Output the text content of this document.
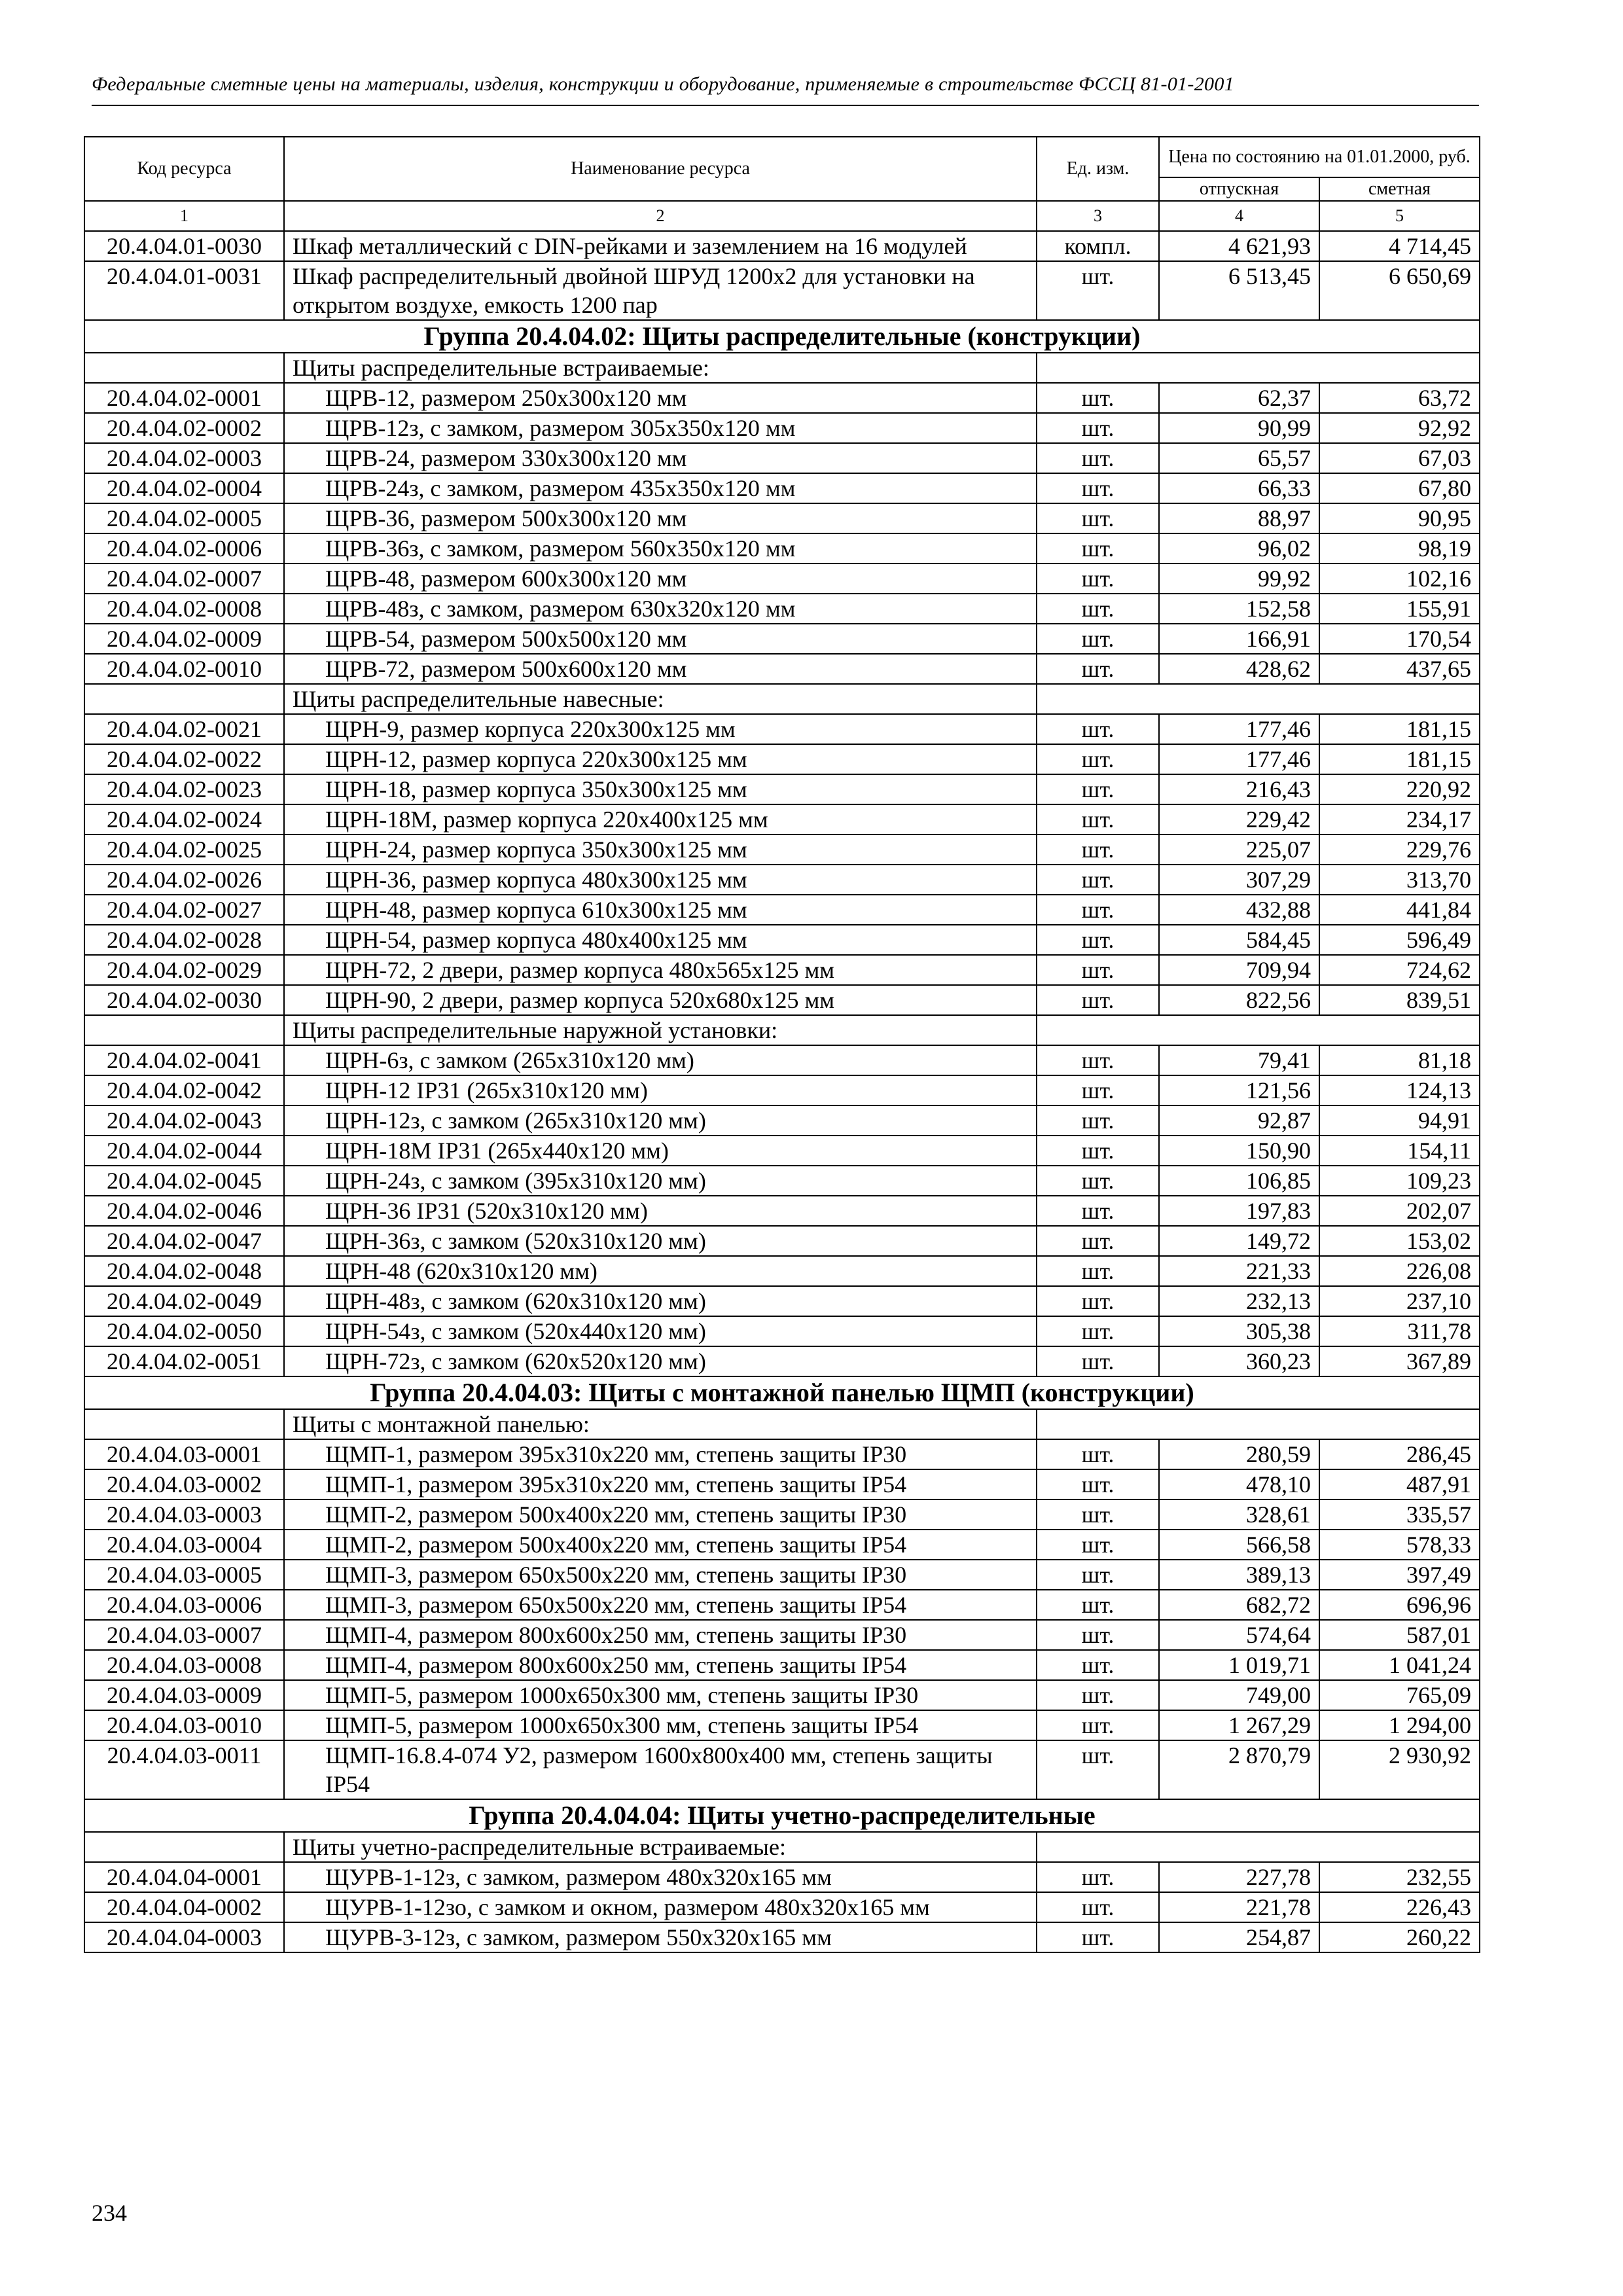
Федеральные сметные цены на материалы, изделия, конструкции и оборудование, применяемые в строительстве ФССЦ 81-01-2001
Код ресурса	Наименование ресурса	Ед. изм.	Цена по состоянию на 01.01.2000, руб.	
			отпускная	сметная
1	2	3	4	5
20.4.04.01-0030	Шкаф металлический с DIN-рейками и заземлением на 16 модулей	компл.	4 621,93	4 714,45
20.4.04.01-0031	Шкаф распределительный двойной ШРУД 1200х2 для установки на открытом воздухе, емкость 1200 пар	шт.	6 513,45	6 650,69
Группа 20.4.04.02: Щиты распределительные (конструкции)				
	Щиты распределительные встраиваемые:			
20.4.04.02-0001	ЩРВ-12, размером 250х300х120 мм	шт.	62,37	63,72
20.4.04.02-0002	ЩРВ-12з, с замком, размером 305х350х120 мм	шт.	90,99	92,92
20.4.04.02-0003	ЩРВ-24, размером 330х300х120 мм	шт.	65,57	67,03
20.4.04.02-0004	ЩРВ-24з, с замком, размером 435х350х120 мм	шт.	66,33	67,80
20.4.04.02-0005	ЩРВ-36, размером 500х300х120 мм	шт.	88,97	90,95
20.4.04.02-0006	ЩРВ-36з, с замком, размером 560х350х120 мм	шт.	96,02	98,19
20.4.04.02-0007	ЩРВ-48, размером 600х300х120 мм	шт.	99,92	102,16
20.4.04.02-0008	ЩРВ-48з, с замком, размером 630х320х120 мм	шт.	152,58	155,91
20.4.04.02-0009	ЩРВ-54, размером 500х500х120 мм	шт.	166,91	170,54
20.4.04.02-0010	ЩРВ-72, размером 500х600х120 мм	шт.	428,62	437,65
	Щиты распределительные навесные:			
20.4.04.02-0021	ЩРН-9, размер корпуса 220х300х125 мм	шт.	177,46	181,15
20.4.04.02-0022	ЩРН-12, размер корпуса 220х300х125 мм	шт.	177,46	181,15
20.4.04.02-0023	ЩРН-18, размер корпуса 350х300х125 мм	шт.	216,43	220,92
20.4.04.02-0024	ЩРН-18М, размер корпуса 220х400х125 мм	шт.	229,42	234,17
20.4.04.02-0025	ЩРН-24, размер корпуса 350х300х125 мм	шт.	225,07	229,76
20.4.04.02-0026	ЩРН-36, размер корпуса 480х300х125 мм	шт.	307,29	313,70
20.4.04.02-0027	ЩРН-48, размер корпуса 610х300х125 мм	шт.	432,88	441,84
20.4.04.02-0028	ЩРН-54, размер корпуса 480х400х125 мм	шт.	584,45	596,49
20.4.04.02-0029	ЩРН-72, 2 двери, размер корпуса 480х565х125 мм	шт.	709,94	724,62
20.4.04.02-0030	ЩРН-90, 2 двери, размер корпуса 520х680х125 мм	шт.	822,56	839,51
	Щиты распределительные наружной установки:			
20.4.04.02-0041	ЩРН-6з, с замком (265х310х120 мм)	шт.	79,41	81,18
20.4.04.02-0042	ЩРН-12 IP31 (265х310х120 мм)	шт.	121,56	124,13
20.4.04.02-0043	ЩРН-12з, с замком (265х310х120 мм)	шт.	92,87	94,91
20.4.04.02-0044	ЩРН-18М IP31 (265х440х120 мм)	шт.	150,90	154,11
20.4.04.02-0045	ЩРН-24з, с замком (395х310х120 мм)	шт.	106,85	109,23
20.4.04.02-0046	ЩРН-36 IP31 (520х310х120 мм)	шт.	197,83	202,07
20.4.04.02-0047	ЩРН-36з, с замком (520х310х120 мм)	шт.	149,72	153,02
20.4.04.02-0048	ЩРН-48 (620х310х120 мм)	шт.	221,33	226,08
20.4.04.02-0049	ЩРН-48з, с замком (620х310х120 мм)	шт.	232,13	237,10
20.4.04.02-0050	ЩРН-54з, с замком (520х440х120 мм)	шт.	305,38	311,78
20.4.04.02-0051	ЩРН-72з, с замком (620х520х120 мм)	шт.	360,23	367,89
Группа 20.4.04.03: Щиты с монтажной панелью ЩМП (конструкции)				
	Щиты с монтажной панелью:			
20.4.04.03-0001	ЩМП-1, размером 395х310х220 мм, степень защиты IP30	шт.	280,59	286,45
20.4.04.03-0002	ЩМП-1, размером 395х310х220 мм, степень защиты IP54	шт.	478,10	487,91
20.4.04.03-0003	ЩМП-2, размером 500х400х220 мм, степень защиты IP30	шт.	328,61	335,57
20.4.04.03-0004	ЩМП-2, размером 500х400х220 мм, степень защиты IP54	шт.	566,58	578,33
20.4.04.03-0005	ЩМП-3, размером 650х500х220 мм, степень защиты IP30	шт.	389,13	397,49
20.4.04.03-0006	ЩМП-3, размером 650х500х220 мм, степень защиты IP54	шт.	682,72	696,96
20.4.04.03-0007	ЩМП-4, размером 800х600х250 мм, степень защиты IP30	шт.	574,64	587,01
20.4.04.03-0008	ЩМП-4, размером 800х600х250 мм, степень защиты IP54	шт.	1 019,71	1 041,24
20.4.04.03-0009	ЩМП-5, размером 1000х650х300 мм, степень защиты IP30	шт.	749,00	765,09
20.4.04.03-0010	ЩМП-5, размером 1000х650х300 мм, степень защиты IP54	шт.	1 267,29	1 294,00
20.4.04.03-0011	ЩМП-16.8.4-074 У2, размером 1600х800х400 мм, степень защиты IP54	шт.	2 870,79	2 930,92
Группа 20.4.04.04: Щиты учетно-распределительные				
	Щиты учетно-распределительные встраиваемые:			
20.4.04.04-0001	ЩУРВ-1-12з, с замком, размером 480х320х165 мм	шт.	227,78	232,55
20.4.04.04-0002	ЩУРВ-1-12зо, с замком и окном, размером 480х320х165 мм	шт.	221,78	226,43
20.4.04.04-0003	ЩУРВ-3-12з, с замком, размером 550х320х165 мм	шт.	254,87	260,22
234
